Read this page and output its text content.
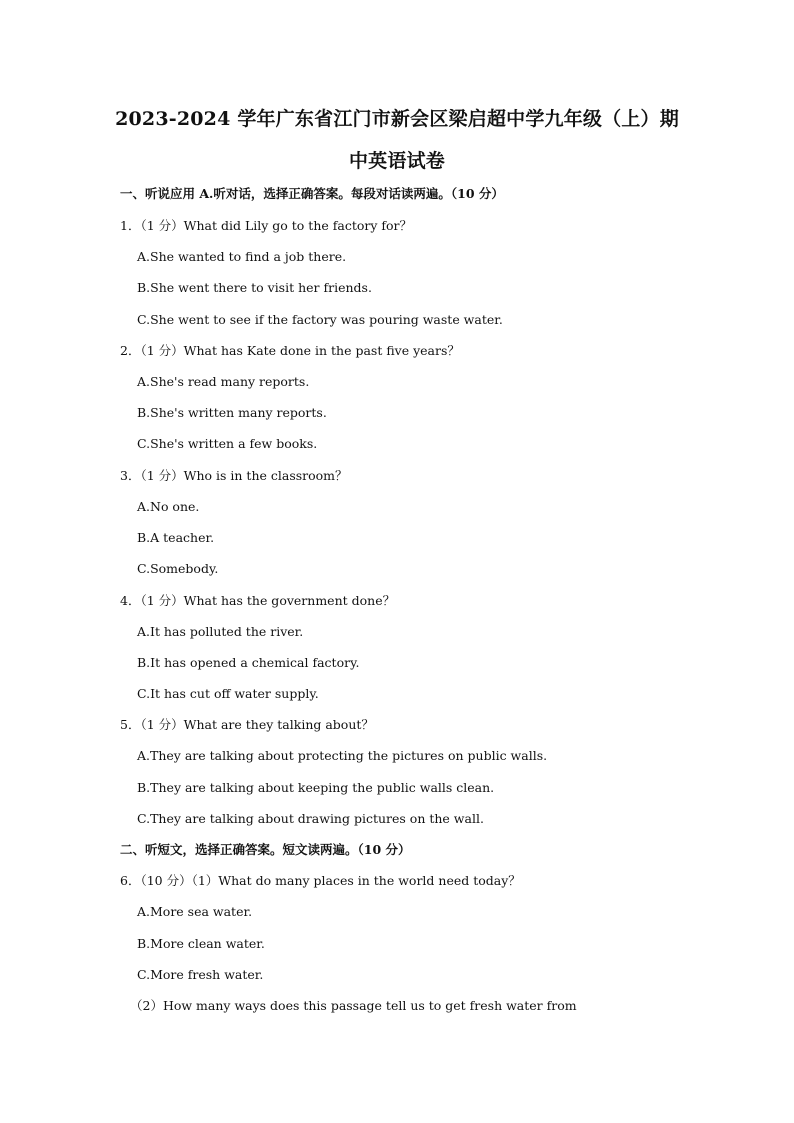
2023-2024 学年广东省江门市新会区梁启超中学九年级（上）期
中英语试卷
一、听说应用 A.听对话，选择正确答案。每段对话读两遍。（10 分）
1．（1 分）What did Lily go to the factory for？
A.She wanted to find a job there.
B.She went there to visit her friends.
C.She went to see if the factory was pouring waste water.
2．（1 分）What has Kate done in the past five years？
A.She's read many reports.
B.She's written many reports.
C.She's written a few books.
3．（1 分）Who is in the classroom？
A.No one.
B.A teacher.
C.Somebody.
4．（1 分）What has the government done？
A.It has polluted the river.
B.It has opened a chemical factory.
C.It has cut off water supply.
5．（1 分）What are they talking about？
A.They are talking about protecting the pictures on public walls.
B.They are talking about keeping the public walls clean.
C.They are talking about drawing pictures on the wall.
二、听短文，选择正确答案。短文读两遍。（10 分）
6．（10 分）（1）What do many places in the world need today？
A.More sea water.
B.More clean water.
C.More fresh water.
（2）How many ways does this passage tell us to get fresh water from
